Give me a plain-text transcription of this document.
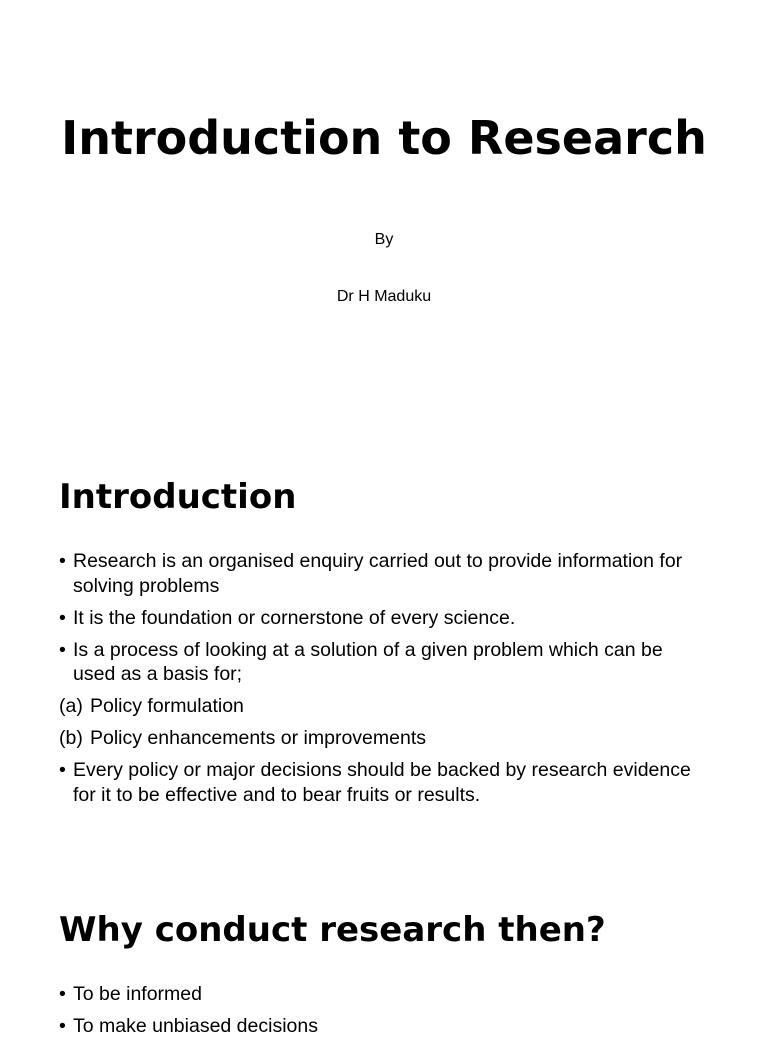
Introduction to Research
By
Dr H Maduku
Introduction
• Research is an organised enquiry carried out to provide information for solving problems
• It is the foundation or cornerstone of every science.
• Is a process of looking at a solution of a given problem which can be used as a basis for;
(a) Policy formulation
(b) Policy enhancements or improvements
• Every policy or major decisions should be backed by research evidence for it to be effective and to bear fruits or results.
Why conduct research then?
• To be informed
• To make unbiased decisions
